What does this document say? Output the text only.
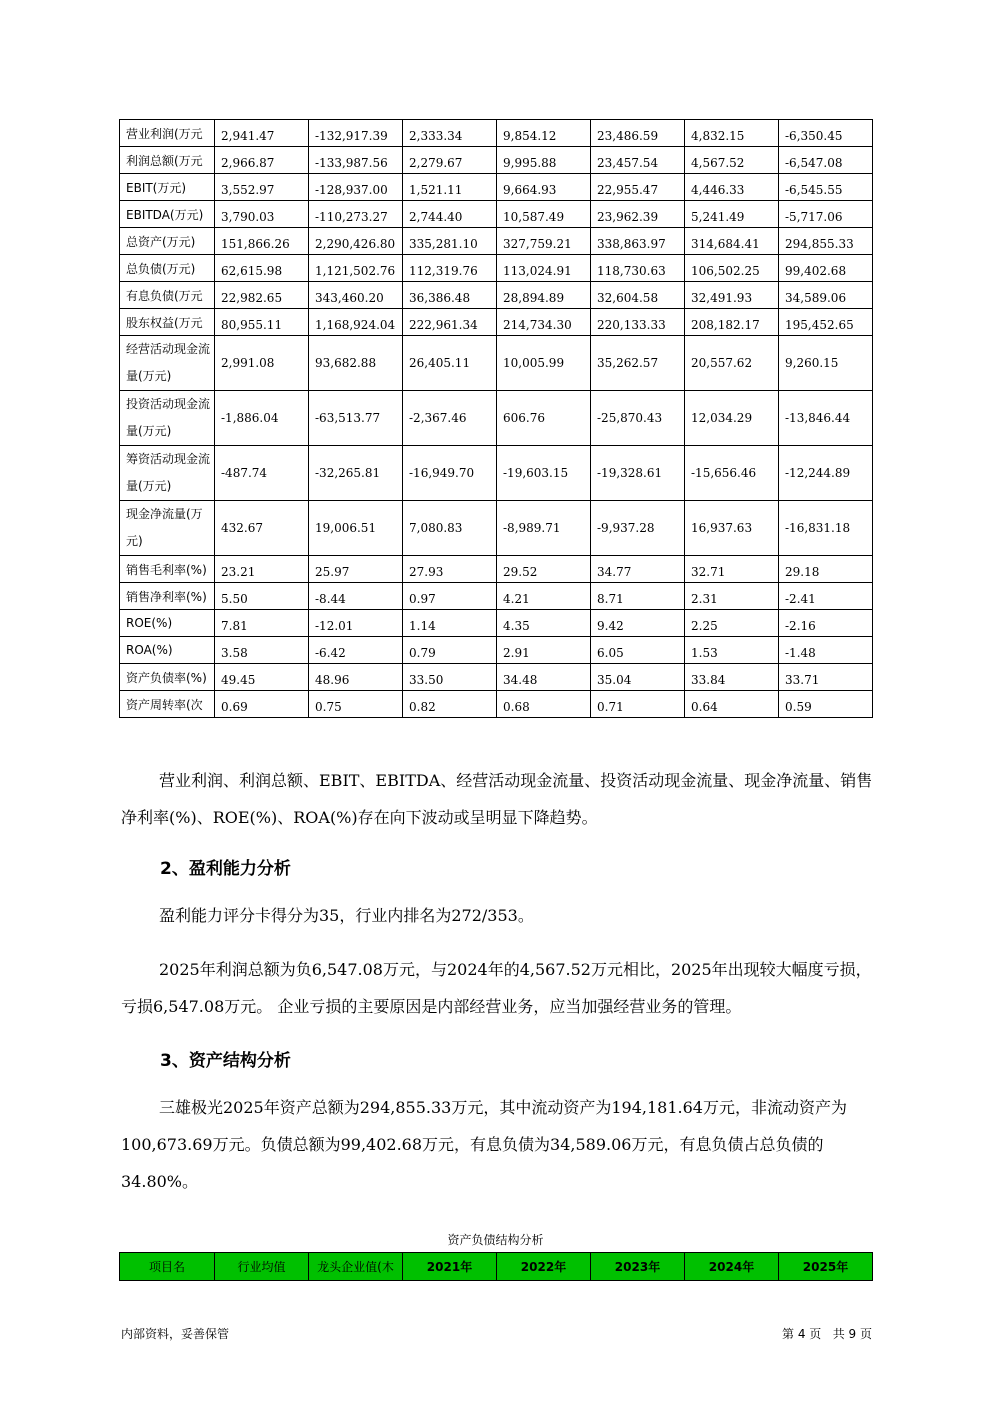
营业利润(万元	2,941.47	-132,917.39	2,333.34	9,854.12	23,486.59	4,832.15	-6,350.45
利润总额(万元	2,966.87	-133,987.56	2,279.67	9,995.88	23,457.54	4,567.52	-6,547.08
EBIT(万元)	3,552.97	-128,937.00	1,521.11	9,664.93	22,955.47	4,446.33	-6,545.55
EBITDA(万元)	3,790.03	-110,273.27	2,744.40	10,587.49	23,962.39	5,241.49	-5,717.06
总资产(万元)	151,866.26	2,290,426.80	335,281.10	327,759.21	338,863.97	314,684.41	294,855.33
总负债(万元)	62,615.98	1,121,502.76	112,319.76	113,024.91	118,730.63	106,502.25	99,402.68
有息负债(万元	22,982.65	343,460.20	36,386.48	28,894.89	32,604.58	32,491.93	34,589.06
股东权益(万元	80,955.11	1,168,924.04	222,961.34	214,734.30	220,133.33	208,182.17	195,452.65
经营活动现金流量(万元)	2,991.08	93,682.88	26,405.11	10,005.99	35,262.57	20,557.62	9,260.15
投资活动现金流量(万元)	-1,886.04	-63,513.77	-2,367.46	606.76	-25,870.43	12,034.29	-13,846.44
筹资活动现金流量(万元)	-487.74	-32,265.81	-16,949.70	-19,603.15	-19,328.61	-15,656.46	-12,244.89
现金净流量(万元)	432.67	19,006.51	7,080.83	-8,989.71	-9,937.28	16,937.63	-16,831.18
销售毛利率(%)	23.21	25.97	27.93	29.52	34.77	32.71	29.18
销售净利率(%)	5.50	-8.44	0.97	4.21	8.71	2.31	-2.41
ROE(%)	7.81	-12.01	1.14	4.35	9.42	2.25	-2.16
ROA(%)	3.58	-6.42	0.79	2.91	6.05	1.53	-1.48
资产负债率(%)	49.45	48.96	33.50	34.48	35.04	33.84	33.71
资产周转率(次	0.69	0.75	0.82	0.68	0.71	0.64	0.59

营业利润、利润总额、EBIT、EBITDA、经营活动现金流量、投资活动现金流量、现金净流量、销售净利率(%)、ROE(%)、ROA(%)存在向下波动或呈明显下降趋势。

2、盈利能力分析

盈利能力评分卡得分为35，行业内排名为272/353。

2025年利润总额为负6,547.08万元，与2024年的4,567.52万元相比，2025年出现较大幅度亏损，亏损6,547.08万元。 企业亏损的主要原因是内部经营业务，应当加强经营业务的管理。

3、资产结构分析

三雄极光2025年资产总额为294,855.33万元，其中流动资产为194,181.64万元，非流动资产为100,673.69万元。负债总额为99,402.68万元，有息负债为34,589.06万元，有息负债占总负债的34.80%。

资产负债结构分析
项目名	行业均值	龙头企业值(木	2021年	2022年	2023年	2024年	2025年
内部资料，妥善保管	第 4 页   共 9 页
